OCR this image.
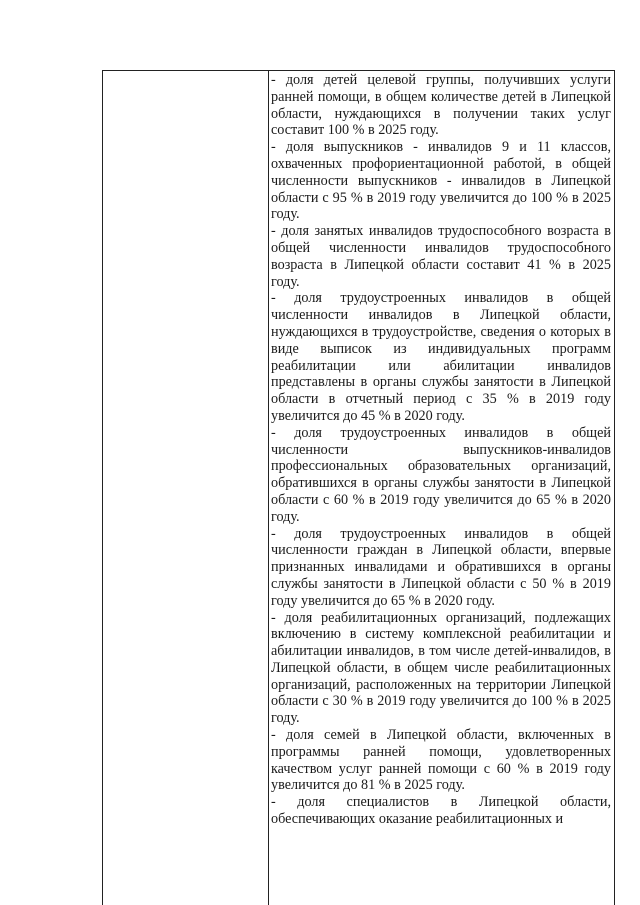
- доля детей целевой группы, получивших услуги ранней помощи, в общем количестве детей в Липецкой области, нуждающихся в получении таких услуг составит 100 % в 2025 году.

- доля выпускников - инвалидов 9 и 11 классов, охваченных профориентационной работой, в общей численности выпускников - инвалидов в Липецкой области с 95 % в 2019 году увеличится до 100 % в 2025 году.

- доля занятых инвалидов трудоспособного возраста в общей численности инвалидов трудоспособного возраста в Липецкой области составит 41 % в 2025 году.

- доля трудоустроенных инвалидов в общей численности инвалидов в Липецкой области, нуждающихся в трудоустройстве, сведения о которых в виде выписок из индивидуальных программ реабилитации или абилитации инвалидов представлены в органы службы занятости в Липецкой области в отчетный период с 35 % в 2019 году увеличится до 45 % в 2020 году.

- доля трудоустроенных инвалидов в общей численности выпускников-инвалидов профессиональных образовательных организаций, обратившихся в органы службы занятости в Липецкой области с 60 % в 2019 году увеличится до 65 % в 2020 году.

- доля трудоустроенных инвалидов в общей численности граждан в Липецкой области, впервые признанных инвалидами и обратившихся в органы службы занятости в Липецкой области с 50 % в 2019 году увеличится до 65 % в 2020 году.

- доля реабилитационных организаций, подлежащих включению в систему комплексной реабилитации и абилитации инвалидов, в том числе детей-инвалидов, в Липецкой области, в общем числе реабилитационных организаций, расположенных на территории Липецкой области с 30 % в 2019 году увеличится до 100 % в 2025 году.

- доля семей в Липецкой области, включенных в программы ранней помощи, удовлетворенных качеством услуг ранней помощи с 60 % в 2019 году увеличится до 81 % в 2025 году.

- доля специалистов в Липецкой области, обеспечивающих оказание реабилитационных и
